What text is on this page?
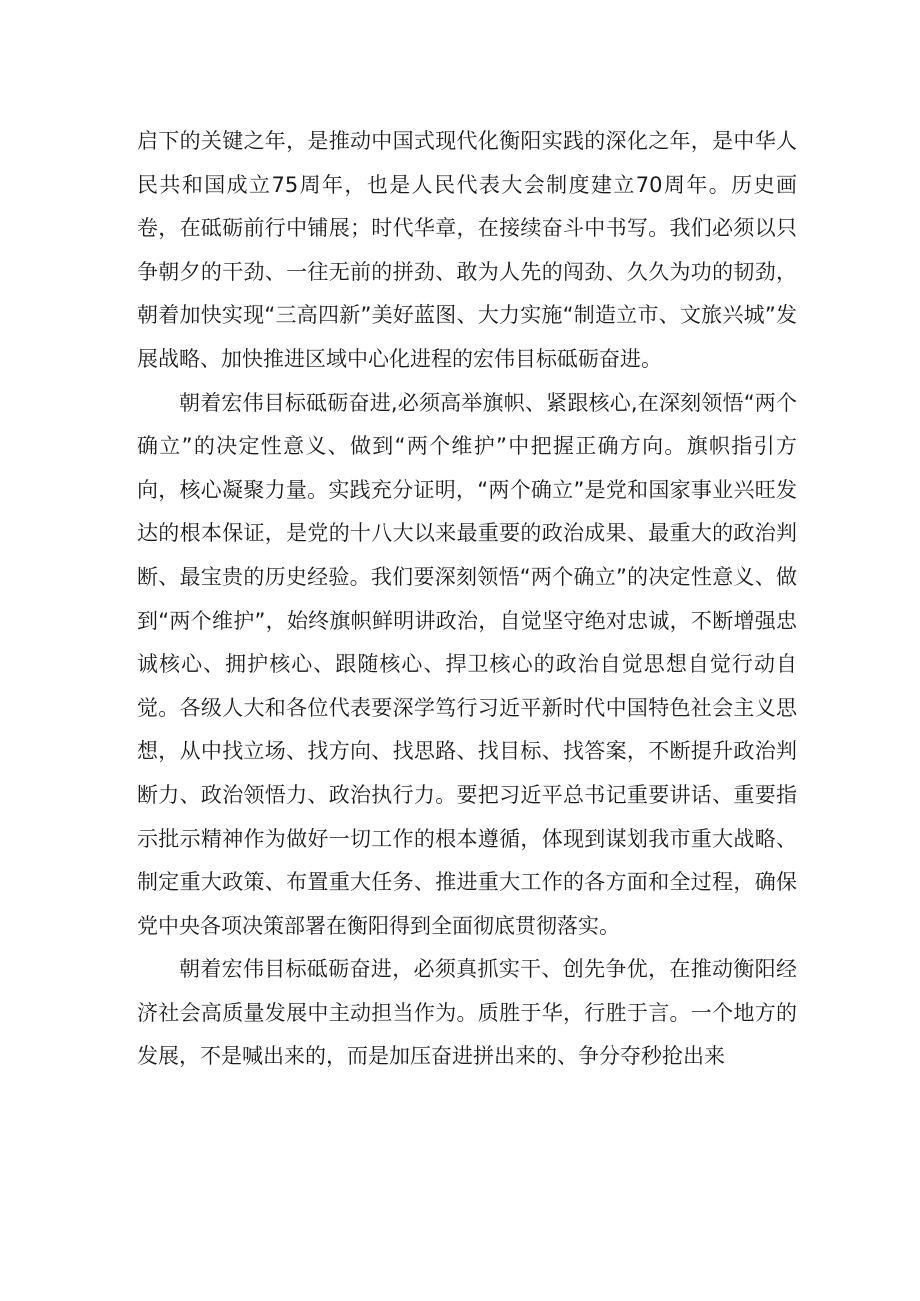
启下的关键之年，是推动中国式现代化衡阳实践的深化之年，是中华人民共和国成立75周年，也是人民代表大会制度建立70周年。历史画卷，在砥砺前行中铺展；时代华章，在接续奋斗中书写。我们必须以只争朝夕的干劲、一往无前的拼劲、敢为人先的闯劲、久久为功的韧劲，朝着加快实现“三高四新”美好蓝图、大力实施“制造立市、文旅兴城”发展战略、加快推进区域中心化进程的宏伟目标砥砺奋进。

朝着宏伟目标砥砺奋进,必须高举旗帜、紧跟核心,在深刻领悟“两个确立”的决定性意义、做到“两个维护”中把握正确方向。旗帜指引方向，核心凝聚力量。实践充分证明，“两个确立”是党和国家事业兴旺发达的根本保证，是党的十八大以来最重要的政治成果、最重大的政治判断、最宝贵的历史经验。我们要深刻领悟“两个确立”的决定性意义、做到“两个维护”，始终旗帜鲜明讲政治，自觉坚守绝对忠诚，不断增强忠诚核心、拥护核心、跟随核心、捍卫核心的政治自觉思想自觉行动自觉。各级人大和各位代表要深学笃行习近平新时代中国特色社会主义思想，从中找立场、找方向、找思路、找目标、找答案，不断提升政治判断力、政治领悟力、政治执行力。要把习近平总书记重要讲话、重要指示批示精神作为做好一切工作的根本遵循，体现到谋划我市重大战略、制定重大政策、布置重大任务、推进重大工作的各方面和全过程，确保党中央各项决策部署在衡阳得到全面彻底贯彻落实。

朝着宏伟目标砥砺奋进，必须真抓实干、创先争优，在推动衡阳经济社会高质量发展中主动担当作为。质胜于华，行胜于言。一个地方的发展，不是喊出来的，而是加压奋进拼出来的、争分夺秒抢出来
